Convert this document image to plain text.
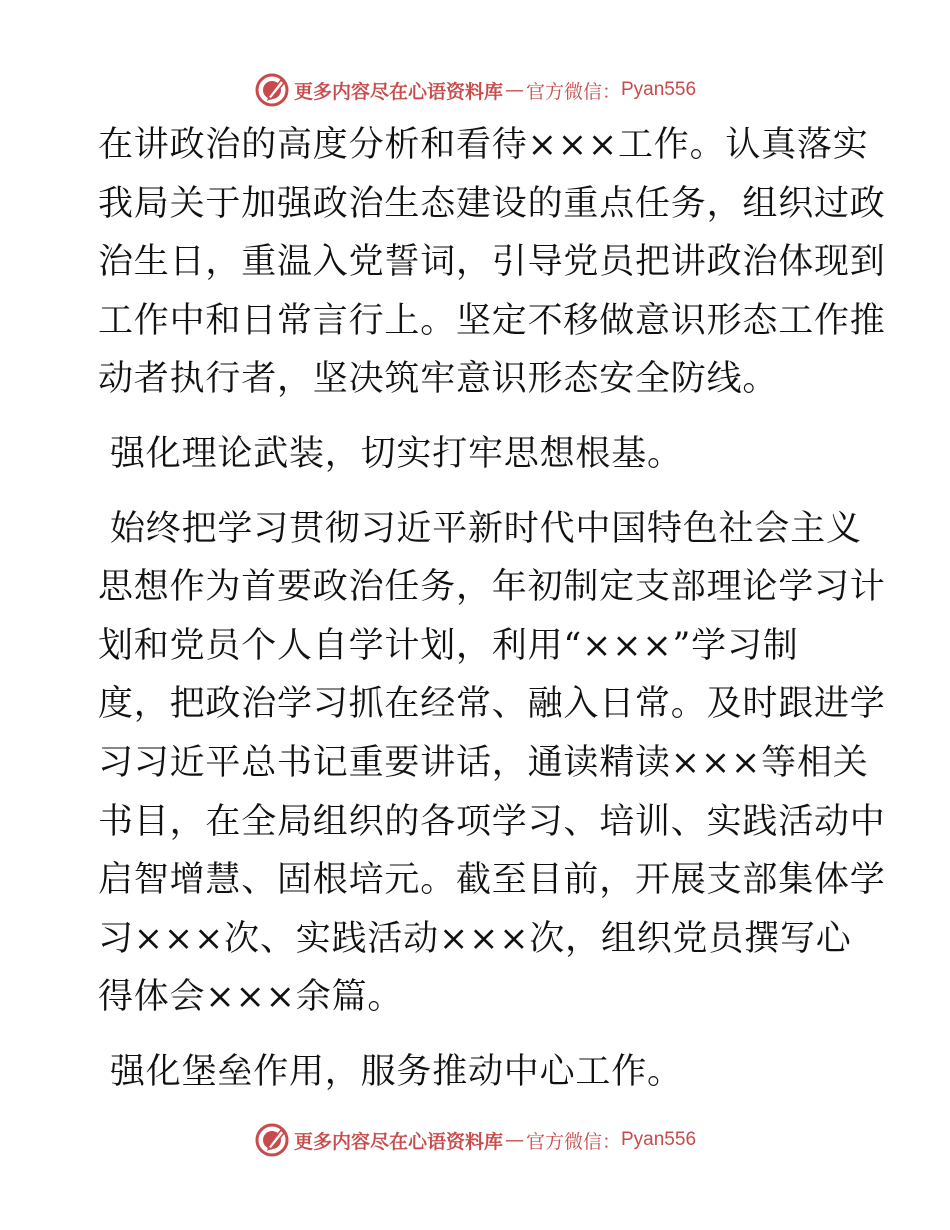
更多内容尽在心语资料库 — 官方微信： Pyan556

在讲政治的高度分析和看待×××工作。认真落实
我局关于加强政治生态建设的重点任务，组织过政
治生日，重温入党誓词，引导党员把讲政治体现到
工作中和日常言行上。坚定不移做意识形态工作推
动者执行者，坚决筑牢意识形态安全防线。

强化理论武装，切实打牢思想根基。

始终把学习贯彻习近平新时代中国特色社会主义
思想作为首要政治任务，年初制定支部理论学习计
划和党员个人自学计划，利用“×××”学习制
度，把政治学习抓在经常、融入日常。及时跟进学
习习近平总书记重要讲话，通读精读×××等相关
书目，在全局组织的各项学习、培训、实践活动中
启智增慧、固根培元。截至目前，开展支部集体学
习×××次、实践活动×××次，组织党员撰写心
得体会×××余篇。

强化堡垒作用，服务推动中心工作。

更多内容尽在心语资料库 — 官方微信： Pyan556
